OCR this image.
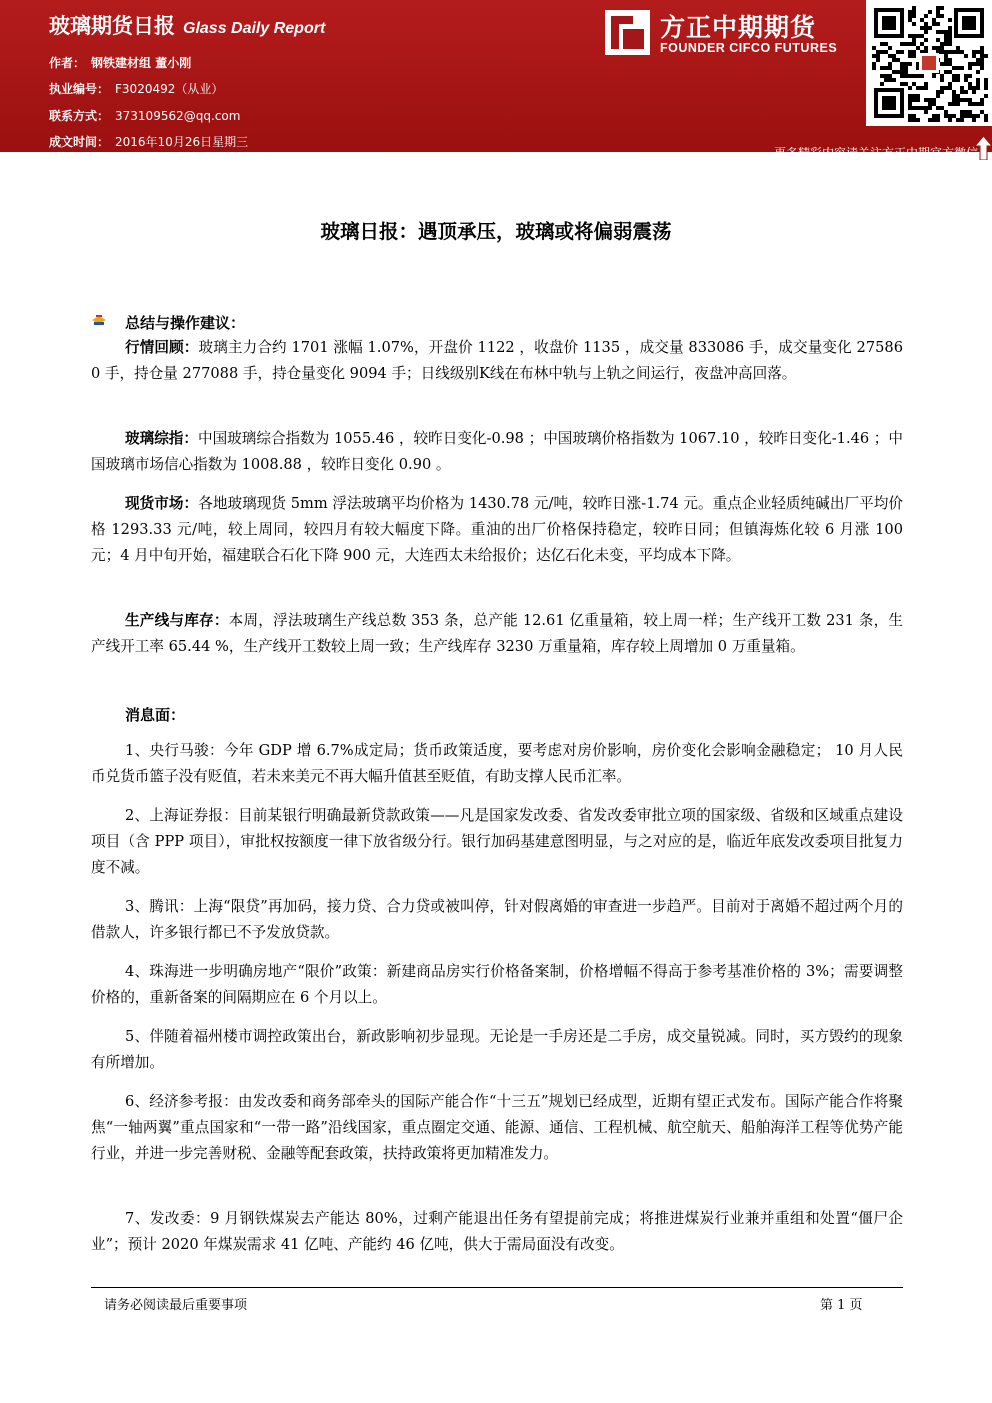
玻璃期货日报 Glass Daily Report
作者： 钢铁建材组 董小刚
执业编号： F3020492（从业）
联系方式： 373109562@qq.com
成文时间： 2016年10月26日星期三
方正中期期货
FOUNDER CIFCO FUTURES
更多精彩内容请关注方正中期官方微信
玻璃日报：遇顶承压，玻璃或将偏弱震荡
总结与操作建议：

行情回顾：玻璃主力合约 1701 涨幅 1.07%，开盘价 1122 ，收盘价 1135 ，成交量 833086 手，成交量变化 275860 手，持仓量 277088 手，持仓量变化 9094 手；日线级别K线在布林中轨与上轨之间运行，夜盘冲高回落。

玻璃综指：中国玻璃综合指数为 1055.46 ，较昨日变化-0.98 ；中国玻璃价格指数为 1067.10 ，较昨日变化-1.46 ；中国玻璃市场信心指数为 1008.88 ，较昨日变化 0.90 。

现货市场：各地玻璃现货 5mm 浮法玻璃平均价格为 1430.78 元/吨，较昨日涨-1.74 元。重点企业轻质纯碱出厂平均价格 1293.33 元/吨，较上周同，较四月有较大幅度下降。重油的出厂价格保持稳定，较昨日同；但镇海炼化较 6 月涨 100 元；4 月中旬开始，福建联合石化下降 900 元，大连西太未给报价；达亿石化未变，平均成本下降。

生产线与库存：本周，浮法玻璃生产线总数 353 条，总产能 12.61 亿重量箱，较上周一样；生产线开工数 231 条，生产线开工率 65.44 %，生产线开工数较上周一致；生产线库存 3230 万重量箱，库存较上周增加 0 万重量箱。

消息面：

1、央行马骏：今年 GDP 增 6.7%成定局；货币政策适度，要考虑对房价影响，房价变化会影响金融稳定； 10 月人民币兑货币篮子没有贬值，若未来美元不再大幅升值甚至贬值，有助支撑人民币汇率。

2、上海证券报：目前某银行明确最新贷款政策——凡是国家发改委、省发改委审批立项的国家级、省级和区域重点建设项目（含 PPP 项目），审批权按额度一律下放省级分行。银行加码基建意图明显，与之对应的是，临近年底发改委项目批复力度不减。

3、腾讯：上海“限贷”再加码，接力贷、合力贷或被叫停，针对假离婚的审查进一步趋严。目前对于离婚不超过两个月的借款人，许多银行都已不予发放贷款。

4、珠海进一步明确房地产“限价”政策：新建商品房实行价格备案制，价格增幅不得高于参考基准价格的 3%；需要调整价格的，重新备案的间隔期应在 6 个月以上。

5、伴随着福州楼市调控政策出台，新政影响初步显现。无论是一手房还是二手房，成交量锐减。同时，买方毁约的现象有所增加。

6、经济参考报：由发改委和商务部牵头的国际产能合作“十三五”规划已经成型，近期有望正式发布。国际产能合作将聚焦“一轴两翼”重点国家和“一带一路”沿线国家，重点圈定交通、能源、通信、工程机械、航空航天、船舶海洋工程等优势产能行业，并进一步完善财税、金融等配套政策，扶持政策将更加精准发力。

7、发改委：9 月钢铁煤炭去产能达 80%，过剩产能退出任务有望提前完成；将推进煤炭行业兼并重组和处置“僵尸企业”；预计 2020 年煤炭需求 41 亿吨、产能约 46 亿吨，供大于需局面没有改变。

请务必阅读最后重要事项	第 1 页
